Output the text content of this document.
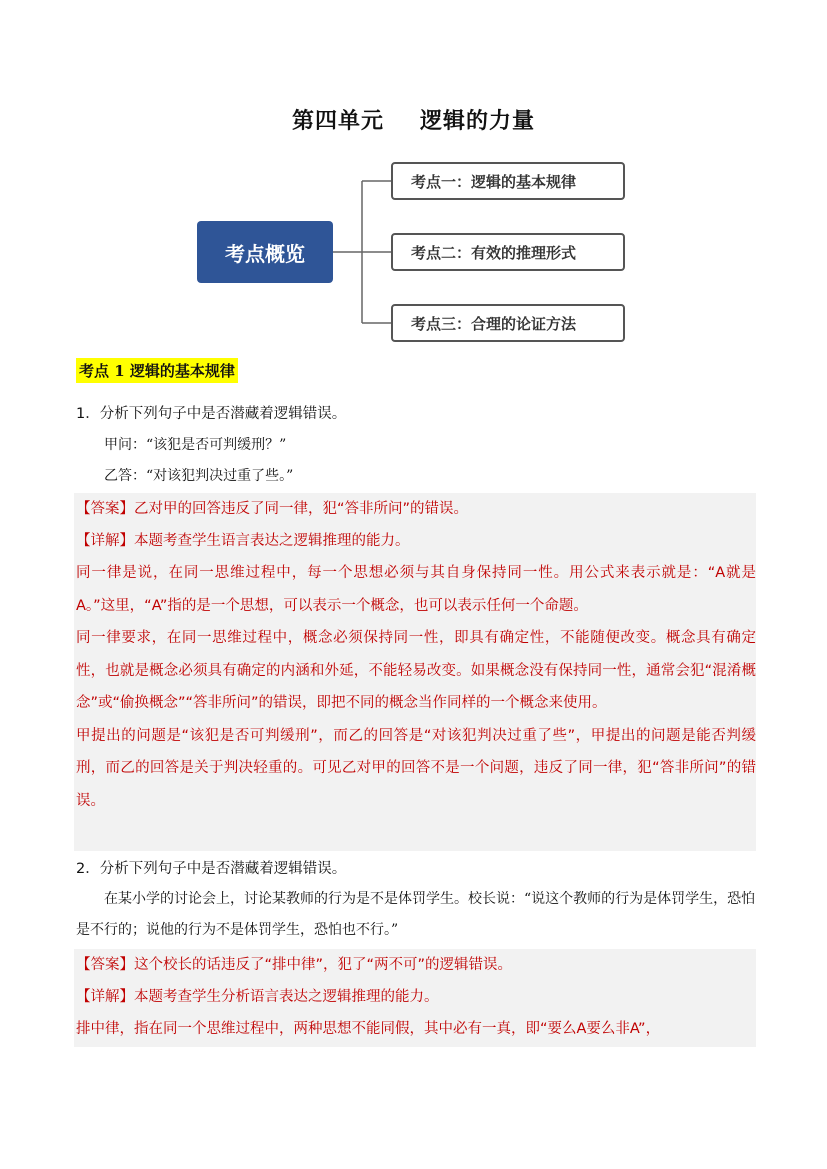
第四单元 逻辑的力量
考点概览
考点一：逻辑的基本规律
考点二：有效的推理形式
考点三：合理的论证方法
考点 1 逻辑的基本规律
1．分析下列句子中是否潜藏着逻辑错误。
甲问：“该犯是否可判缓刑？”
乙答：“对该犯判决过重了些。”
【答案】乙对甲的回答违反了同一律，犯“答非所问”的错误。
【详解】本题考查学生语言表达之逻辑推理的能力。
同一律是说，在同一思维过程中，每一个思想必须与其自身保持同一性。用公式来表示就是：“A就是A。”这里，“A”指的是一个思想，可以表示一个概念，也可以表示任何一个命题。
同一律要求，在同一思维过程中，概念必须保持同一性，即具有确定性，不能随便改变。概念具有确定性，也就是概念必须具有确定的内涵和外延，不能轻易改变。如果概念没有保持同一性，通常会犯“混淆概念”或“偷换概念”“答非所问”的错误，即把不同的概念当作同样的一个概念来使用。
甲提出的问题是“该犯是否可判缓刑”，而乙的回答是“对该犯判决过重了些”，甲提出的问题是能否判缓刑，而乙的回答是关于判决轻重的。可见乙对甲的回答不是一个问题，违反了同一律，犯“答非所问”的错误。
2．分析下列句子中是否潜藏着逻辑错误。
在某小学的讨论会上，讨论某教师的行为是不是体罚学生。校长说：“说这个教师的行为是体罚学生，恐怕是不行的；说他的行为不是体罚学生，恐怕也不行。”
【答案】这个校长的话违反了“排中律”，犯了“两不可”的逻辑错误。
【详解】本题考查学生分析语言表达之逻辑推理的能力。
排中律，指在同一个思维过程中，两种思想不能同假，其中必有一真，即“要么A要么非A”，
